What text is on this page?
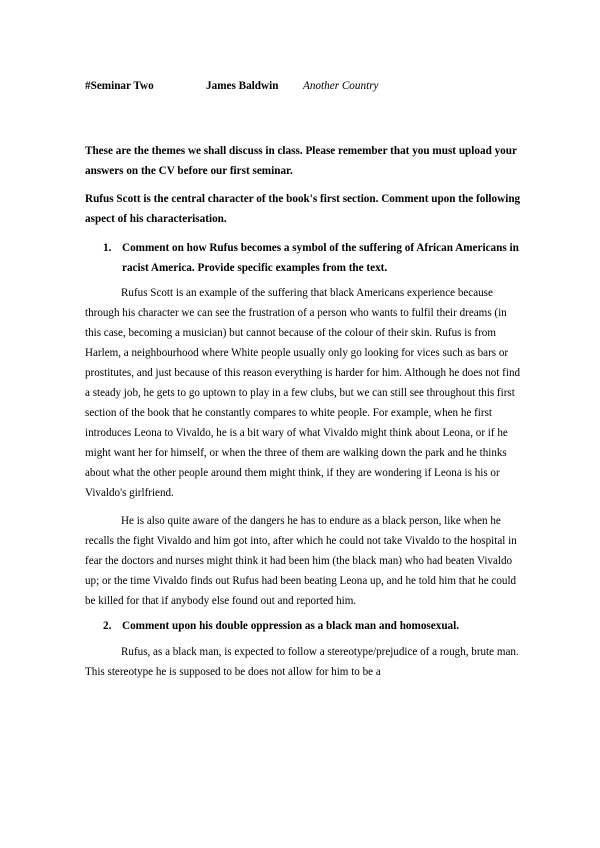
#Seminar Two	James Baldwin Another Country

These are the themes we shall discuss in class. Please remember that you must upload your answers on the CV before our first seminar.

Rufus Scott is the central character of the book's first section. Comment upon the following aspect of his characterisation.

1. Comment on how Rufus becomes a symbol of the suffering of African Americans in racist America. Provide specific examples from the text.

Rufus Scott is an example of the suffering that black Americans experience because through his character we can see the frustration of a person who wants to fulfil their dreams (in this case, becoming a musician) but cannot because of the colour of their skin. Rufus is from Harlem, a neighbourhood where White people usually only go looking for vices such as bars or prostitutes, and just because of this reason everything is harder for him. Although he does not find a steady job, he gets to go uptown to play in a few clubs, but we can still see throughout this first section of the book that he constantly compares to white people. For example, when he first introduces Leona to Vivaldo, he is a bit wary of what Vivaldo might think about Leona, or if he might want her for himself, or when the three of them are walking down the park and he thinks about what the other people around them might think, if they are wondering if Leona is his or Vivaldo's girlfriend.

He is also quite aware of the dangers he has to endure as a black person, like when he recalls the fight Vivaldo and him got into, after which he could not take Vivaldo to the hospital in fear the doctors and nurses might think it had been him (the black man) who had beaten Vivaldo up; or the time Vivaldo finds out Rufus had been beating Leona up, and he told him that he could be killed for that if anybody else found out and reported him.

2. Comment upon his double oppression as a black man and homosexual.

Rufus, as a black man, is expected to follow a stereotype/prejudice of a rough, brute man. This stereotype he is supposed to be does not allow for him to be a
